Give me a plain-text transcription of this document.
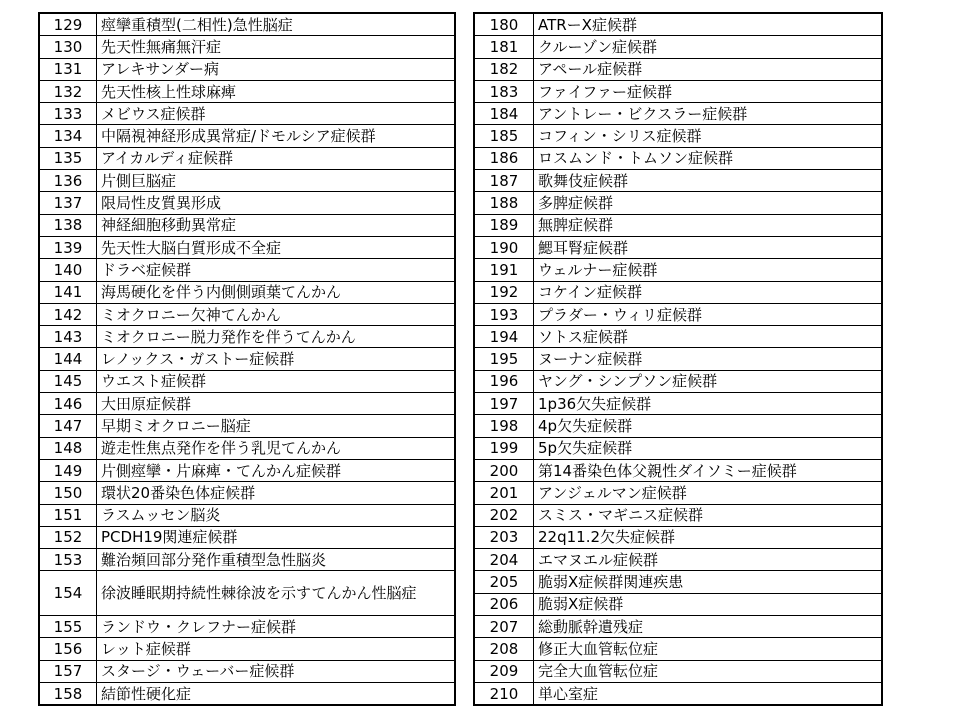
129	痙攣重積型(二相性)急性脳症
130	先天性無痛無汗症
131	アレキサンダー病
132	先天性核上性球麻痺
133	メビウス症候群
134	中隔視神経形成異常症/ドモルシア症候群
135	アイカルディ症候群
136	片側巨脳症
137	限局性皮質異形成
138	神経細胞移動異常症
139	先天性大脳白質形成不全症
140	ドラベ症候群
141	海馬硬化を伴う内側側頭葉てんかん
142	ミオクロニー欠神てんかん
143	ミオクロニー脱力発作を伴うてんかん
144	レノックス・ガストー症候群
145	ウエスト症候群
146	大田原症候群
147	早期ミオクロニー脳症
148	遊走性焦点発作を伴う乳児てんかん
149	片側痙攣・片麻痺・てんかん症候群
150	環状20番染色体症候群
151	ラスムッセン脳炎
152	PCDH19関連症候群
153	難治頻回部分発作重積型急性脳炎
154	徐波睡眠期持続性棘徐波を示すてんかん性脳症
155	ランドウ・クレフナー症候群
156	レット症候群
157	スタージ・ウェーバー症候群
158	結節性硬化症
180	ATRーX症候群
181	クルーゾン症候群
182	アペール症候群
183	ファイファー症候群
184	アントレー・ビクスラー症候群
185	コフィン・シリス症候群
186	ロスムンド・トムソン症候群
187	歌舞伎症候群
188	多脾症候群
189	無脾症候群
190	鰓耳腎症候群
191	ウェルナー症候群
192	コケイン症候群
193	プラダー・ウィリ症候群
194	ソトス症候群
195	ヌーナン症候群
196	ヤング・シンプソン症候群
197	1p36欠失症候群
198	4p欠失症候群
199	5p欠失症候群
200	第14番染色体父親性ダイソミー症候群
201	アンジェルマン症候群
202	スミス・マギニス症候群
203	22q11.2欠失症候群
204	エマヌエル症候群
205	脆弱X症候群関連疾患
206	脆弱X症候群
207	総動脈幹遺残症
208	修正大血管転位症
209	完全大血管転位症
210	単心室症
